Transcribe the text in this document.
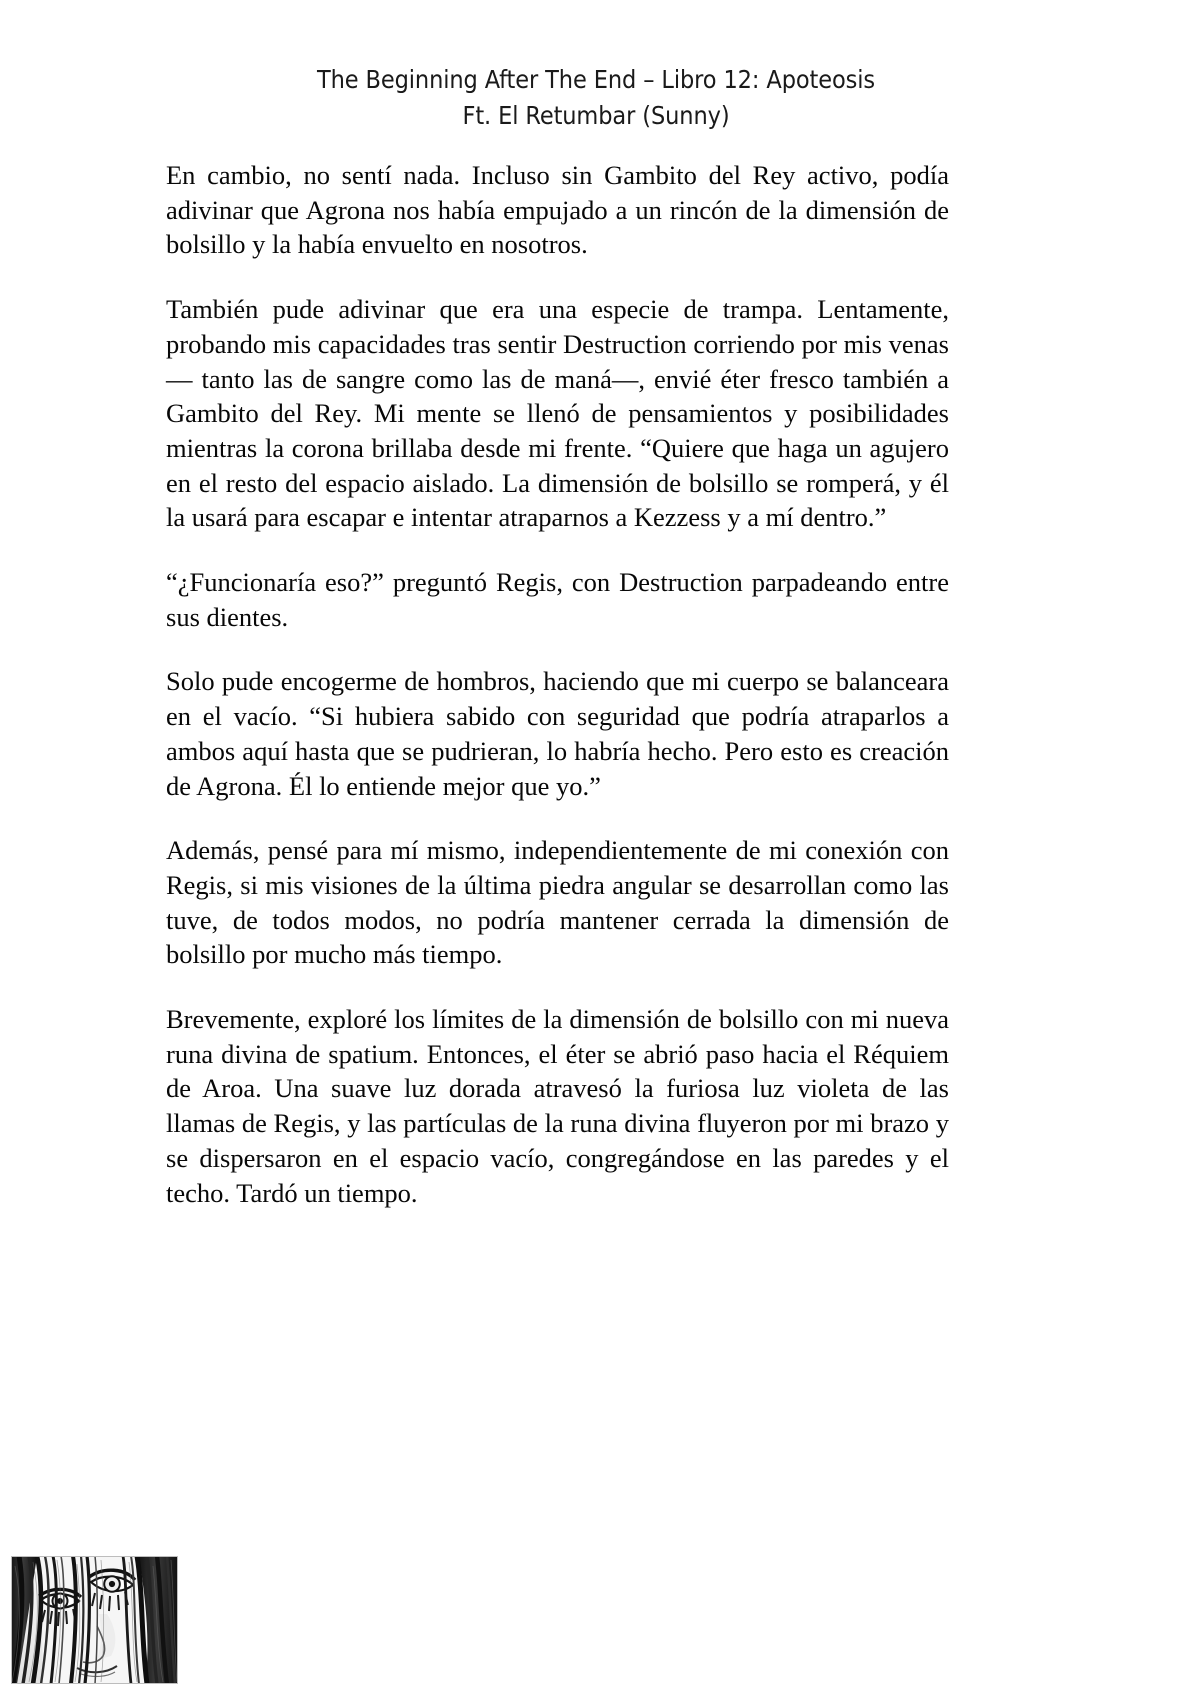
The Beginning After The End – Libro 12: Apoteosis
Ft. El Retumbar (Sunny)

En cambio, no sentí nada. Incluso sin Gambito del Rey activo, podía adivinar que Agrona nos había empujado a un rincón de la dimensión de bolsillo y la había envuelto en nosotros.

También pude adivinar que era una especie de trampa. Lentamente, probando mis capacidades tras sentir Destruction corriendo por mis venas — tanto las de sangre como las de maná—, envié éter fresco también a Gambito del Rey. Mi mente se llenó de pensamientos y posibilidades mientras la corona brillaba desde mi frente. “Quiere que haga un agujero en el resto del espacio aislado. La dimensión de bolsillo se romperá, y él la usará para escapar e intentar atraparnos a Kezzess y a mí dentro.”

“¿Funcionaría eso?” preguntó Regis, con Destruction parpadeando entre sus dientes.

Solo pude encogerme de hombros, haciendo que mi cuerpo se balanceara en el vacío. “Si hubiera sabido con seguridad que podría atraparlos a ambos aquí hasta que se pudrieran, lo habría hecho. Pero esto es creación de Agrona. Él lo entiende mejor que yo.”

Además, pensé para mí mismo, independientemente de mi conexión con Regis, si mis visiones de la última piedra angular se desarrollan como las tuve, de todos modos, no podría mantener cerrada la dimensión de bolsillo por mucho más tiempo.

Brevemente, exploré los límites de la dimensión de bolsillo con mi nueva runa divina de spatium. Entonces, el éter se abrió paso hacia el Réquiem de Aroa. Una suave luz dorada atravesó la furiosa luz violeta de las llamas de Regis, y las partículas de la runa divina fluyeron por mi brazo y se dispersaron en el espacio vacío, congregándose en las paredes y el techo. Tardó un tiempo.
